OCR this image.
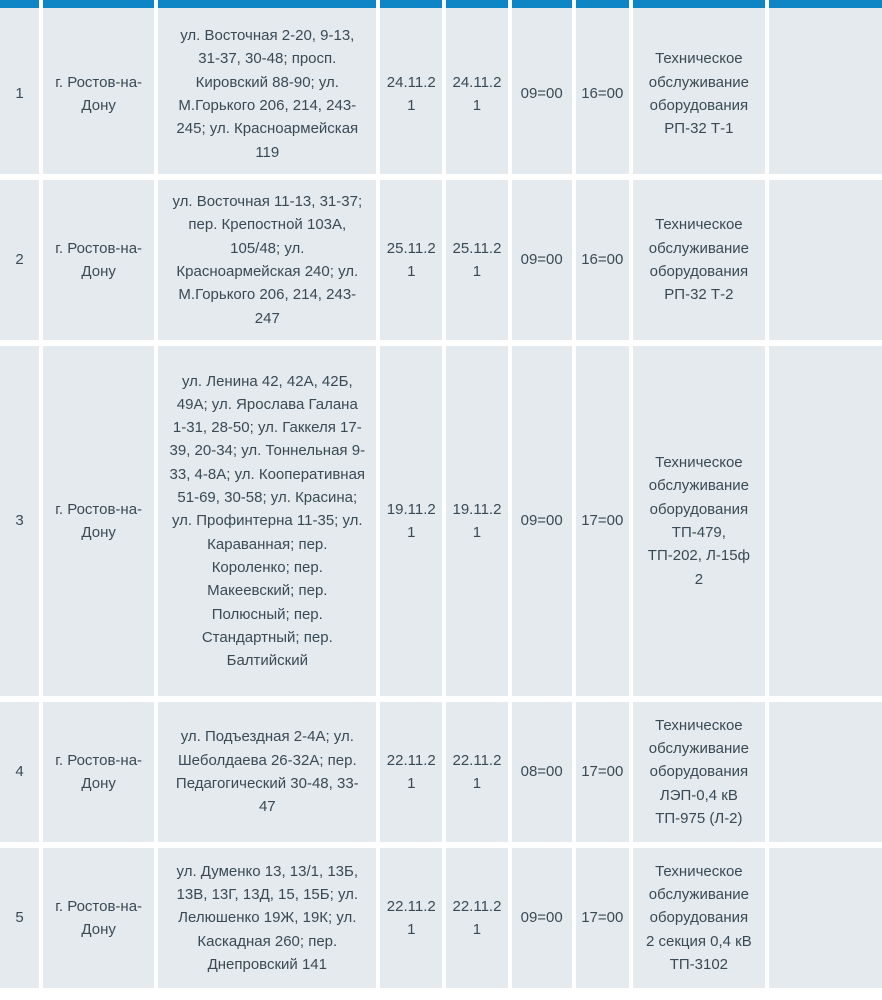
1	г. Ростов-на-Дону	ул. Восточная 2-20, 9-13, 31-37, 30-48; просп. Кировский 88-90; ул. М.Горького 206, 214, 243-245; ул. Красноармейская 119	24.11.21	24.11.21	09=00	16=00	Техническое обслуживание оборудования РП-32 Т-1	
2	г. Ростов-на-Дону	ул. Восточная 11-13, 31-37; пер. Крепостной 103А, 105/48; ул. Красноармейская 240; ул. М.Горького 206, 214, 243-247	25.11.21	25.11.21	09=00	16=00	Техническое обслуживание оборудования РП-32 Т-2	
3	г. Ростов-на-Дону	ул. Ленина 42, 42А, 42Б, 49А; ул. Ярослава Галана 1-31, 28-50; ул. Гаккеля 17-39, 20-34; ул. Тоннельная 9-33, 4-8А; ул. Кооперативная 51-69, 30-58; ул. Красина; ул. Профинтерна 11-35; ул. Караванная; пер. Короленко; пер. Макеевский; пер. Полюсный; пер. Стандартный; пер. Балтийский	19.11.21	19.11.21	09=00	17=00	Техническое обслуживание оборудования ТП-479, ТП-202, Л-15ф 2	
4	г. Ростов-на-Дону	ул. Подъездная 2-4А; ул. Шеболдаева 26-32А; пер. Педагогический 30-48, 33-47	22.11.21	22.11.21	08=00	17=00	Техническое обслуживание оборудования ЛЭП-0,4 кВ ТП-975 (Л-2)	
5	г. Ростов-на-Дону	ул. Думенко 13, 13/1, 13Б, 13В, 13Г, 13Д, 15, 15Б; ул. Лелюшенко 19Ж, 19К; ул. Каскадная 260; пер. Днепровский 141	22.11.21	22.11.21	09=00	17=00	Техническое обслуживание оборудования 2 секция 0,4 кВ ТП-3102	
